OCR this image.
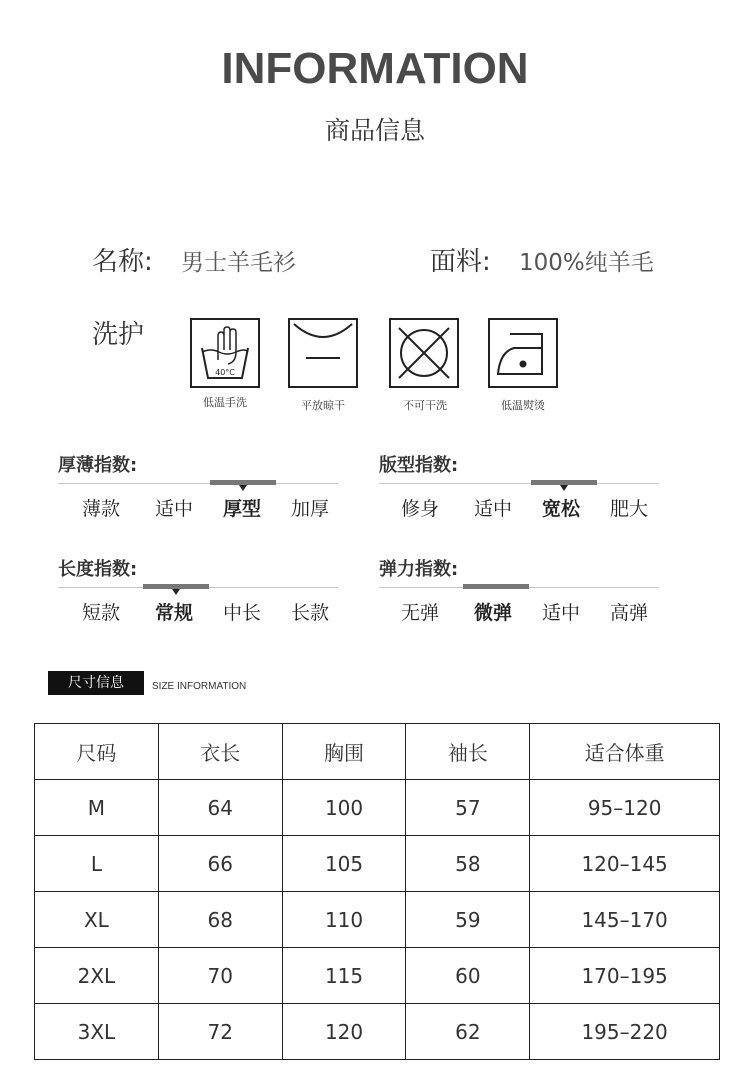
INFORMATION
商品信息
名称: 男士羊毛衫	面料: 100%纯羊毛
洗护
40°C
低温手洗	平放晾干	不可干洗	低温熨烫
厚薄指数:
薄款	适中	厚型	加厚
版型指数:
修身	适中	宽松	肥大
长度指数:
短款	常规	中长	长款
弹力指数:
无弹	微弹	适中	高弹
尺寸信息	SIZE INFORMATION
尺码	衣长	胸围	袖长	适合体重
M	64	100	57	95–120
L	66	105	58	120–145
XL	68	110	59	145–170
2XL	70	115	60	170–195
3XL	72	120	62	195–220
